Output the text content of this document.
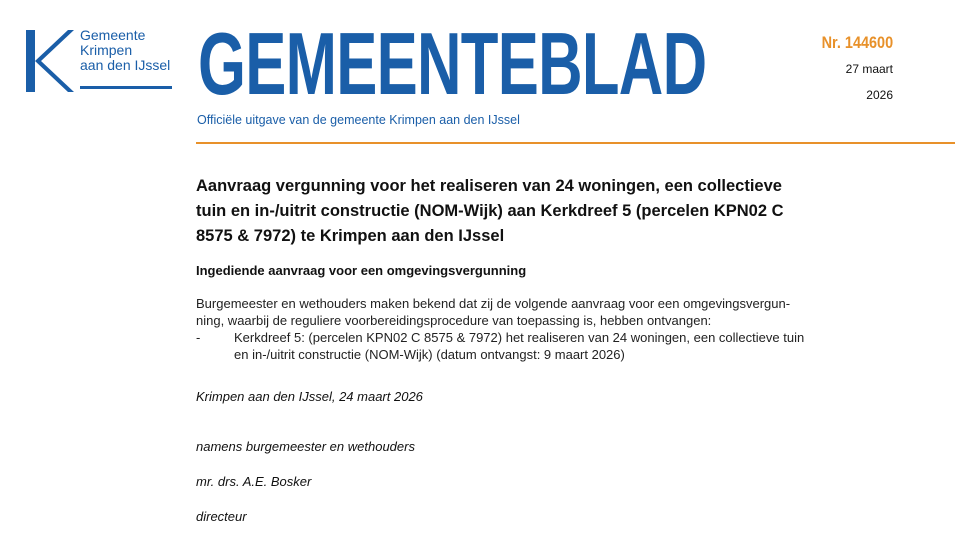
Gemeente
Krimpen
aan den IJssel GEMEENTEBLAD
Officiële uitgave van de gemeente Krimpen aan den IJssel
Nr. 144600
27 maart
2026
Aanvraag vergunning voor het realiseren van 24 woningen, een collectieve
tuin en in-/uitrit constructie (NOM-Wijk) aan Kerkdreef 5 (percelen KPN02 C
8575 & 7972) te Krimpen aan den IJssel
Ingediende aanvraag voor een omgevingsvergunning
Burgemeester en wethouders maken bekend dat zij de volgende aanvraag voor een omgevingsvergun-
ning, waarbij de reguliere voorbereidingsprocedure van toepassing is, hebben ontvangen:
-	Kerkdreef 5: (percelen KPN02 C 8575 & 7972) het realiseren van 24 woningen, een collectieve tuin
en in-/uitrit constructie (NOM-Wijk) (datum ontvangst: 9 maart 2026)
Krimpen aan den IJssel, 24 maart 2026
namens burgemeester en wethouders
mr. drs. A.E. Bosker
directeur
